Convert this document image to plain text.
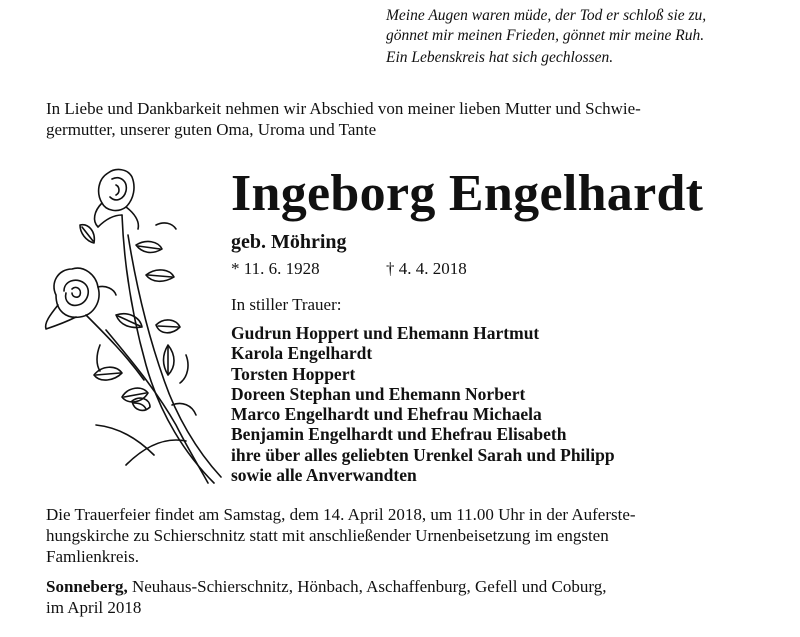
Meine Augen waren müde, der Tod er schloß sie zu,
gönnet mir meinen Frieden, gönnet mir meine Ruh.
Ein Lebenskreis hat sich gechlossen.
In Liebe und Dankbarkeit nehmen wir Abschied von meiner lieben Mutter und Schwie-
germutter, unserer guten Oma, Uroma und Tante
Ingeborg Engelhardt
geb. Möhring
* 11. 6. 1928	† 4. 4. 2018
In stiller Trauer:
Gudrun Hoppert und Ehemann Hartmut
Karola Engelhardt
Torsten Hoppert
Doreen Stephan und Ehemann Norbert
Marco Engelhardt und Ehefrau Michaela
Benjamin Engelhardt und Ehefrau Elisabeth
ihre über alles geliebten Urenkel Sarah und Philipp
sowie alle Anverwandten
Die Trauerfeier findet am Samstag, dem 14. April 2018, um 11.00 Uhr in der Auferste-
hungskirche zu Schierschnitz statt mit anschließender Urnenbeisetzung im engsten
Famlienkreis.
Sonneberg, Neuhaus-Schierschnitz, Hönbach, Aschaffenburg, Gefell und Coburg,
im April 2018
